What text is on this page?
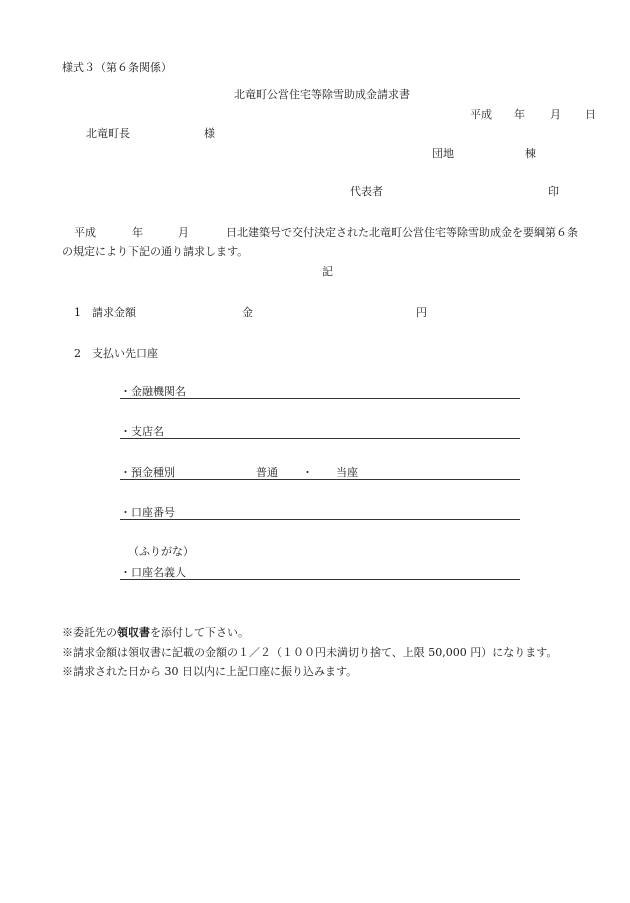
様式３（第６条関係）
北竜町公営住宅等除雪助成金請求書
平成 年 月 日
北竜町長	様
団地	棟
代表者	印
平成	年	月	日北建築号で交付決定された北竜町公営住宅等除雪助成金を要綱第６条
の規定により下記の通り請求します。
記
1 請求金額	金	円
2 支払い先口座
・金融機関名
・支店名
・預金種別	普通 ・ 当座
・口座番号
（ふりがな）
・口座名義人
※委託先の領収書を添付して下さい。
※請求金額は領収書に記載の金額の１／２（１００円未満切り捨て、上限 50,000 円）になります。
※請求された日から 30 日以内に上記口座に振り込みます。
